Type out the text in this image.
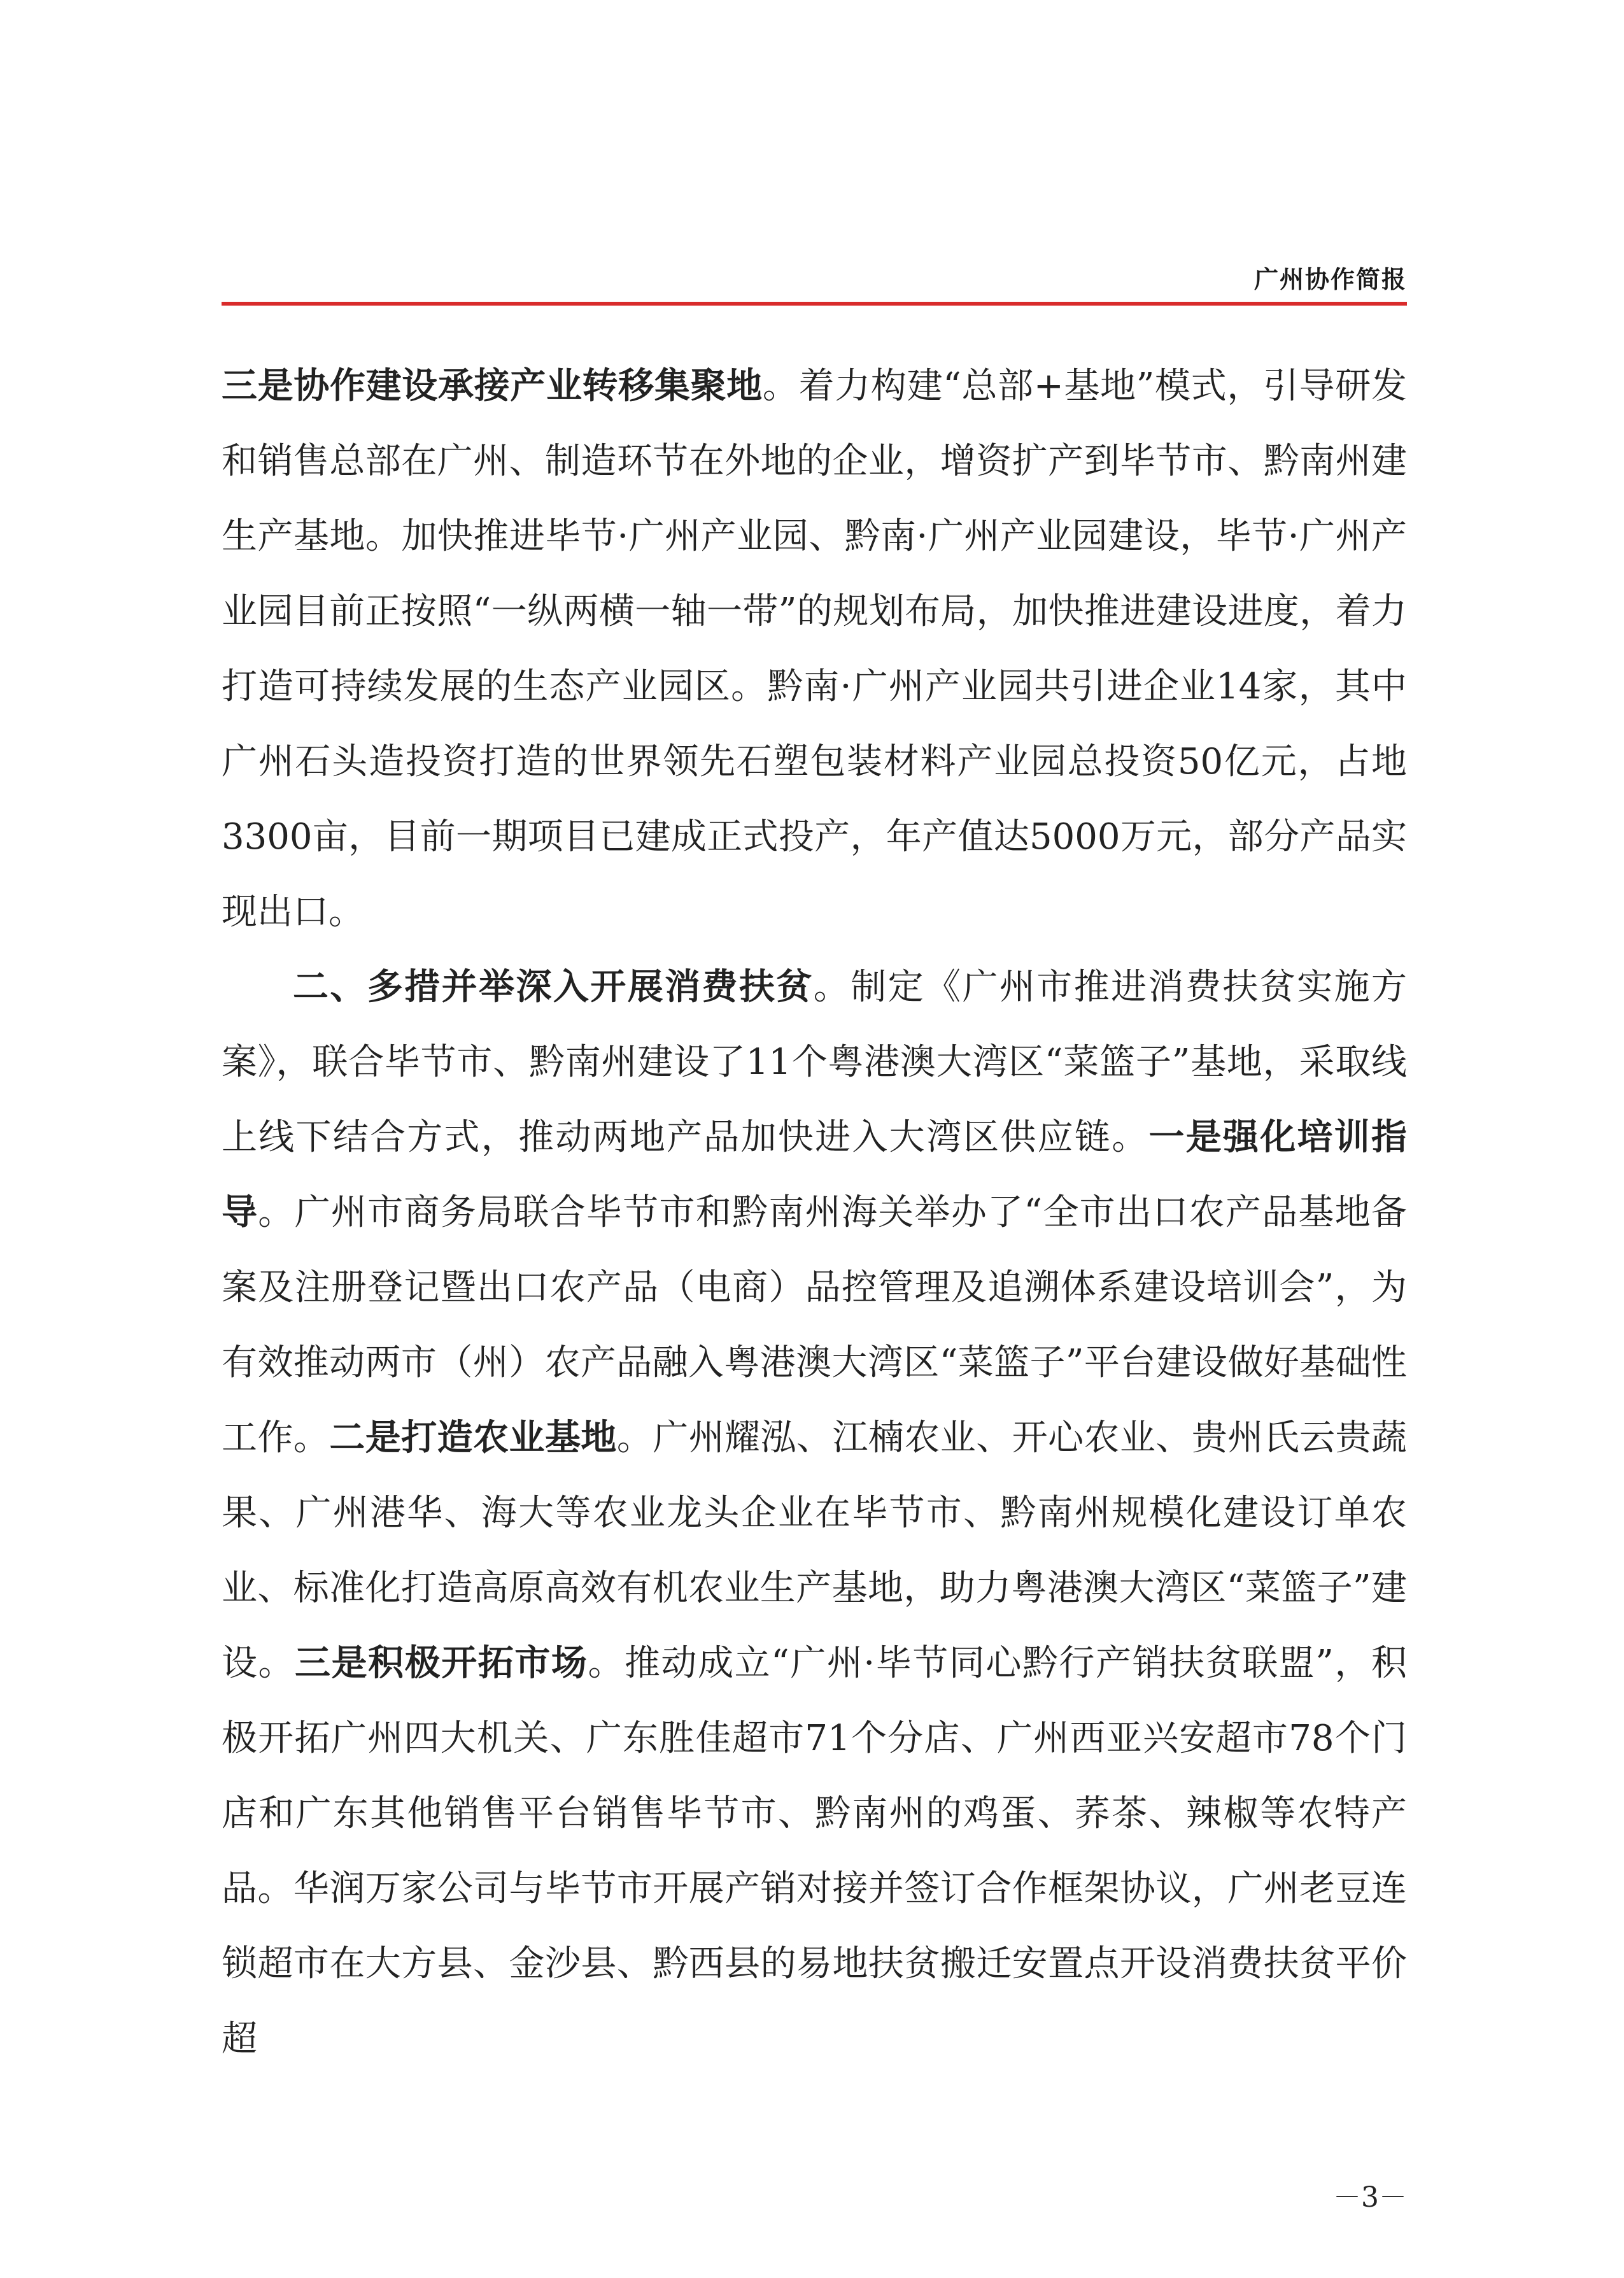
广州协作简报

三是协作建设承接产业转移集聚地。着力构建“总部+基地”模式，引导研发和销售总部在广州、制造环节在外地的企业，增资扩产到毕节市、黔南州建生产基地。加快推进毕节·广州产业园、黔南·广州产业园建设，毕节·广州产业园目前正按照“一纵两横一轴一带”的规划布局，加快推进建设进度，着力打造可持续发展的生态产业园区。黔南·广州产业园共引进企业14家，其中广州石头造投资打造的世界领先石塑包装材料产业园总投资50亿元，占地3300亩，目前一期项目已建成正式投产，年产值达5000万元，部分产品实现出口。

二、多措并举深入开展消费扶贫。制定《广州市推进消费扶贫实施方案》，联合毕节市、黔南州建设了11个粤港澳大湾区“菜篮子”基地，采取线上线下结合方式，推动两地产品加快进入大湾区供应链。一是强化培训指导。广州市商务局联合毕节市和黔南州海关举办了“全市出口农产品基地备案及注册登记暨出口农产品（电商）品控管理及追溯体系建设培训会”，为有效推动两市（州）农产品融入粤港澳大湾区“菜篮子”平台建设做好基础性工作。二是打造农业基地。广州耀泓、江楠农业、开心农业、贵州氏云贵蔬果、广州港华、海大等农业龙头企业在毕节市、黔南州规模化建设订单农业、标准化打造高原高效有机农业生产基地，助力粤港澳大湾区“菜篮子”建设。三是积极开拓市场。推动成立“广州·毕节同心黔行产销扶贫联盟”，积极开拓广州四大机关、广东胜佳超市71个分店、广州西亚兴安超市78个门店和广东其他销售平台销售毕节市、黔南州的鸡蛋、荞茶、辣椒等农特产品。华润万家公司与毕节市开展产销对接并签订合作框架协议，广州老豆连锁超市在大方县、金沙县、黔西县的易地扶贫搬迁安置点开设消费扶贫平价超

－3－
